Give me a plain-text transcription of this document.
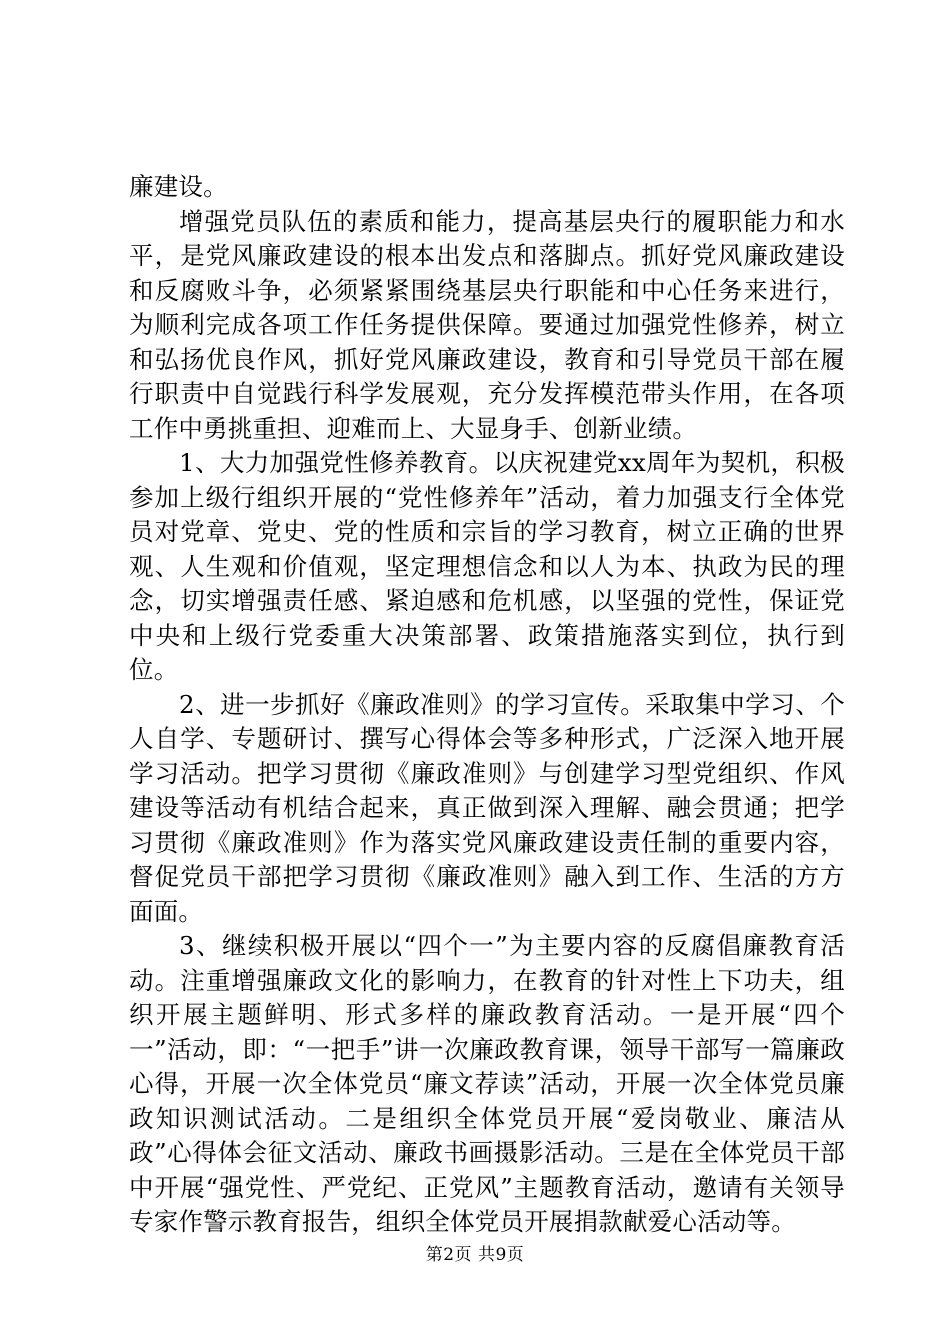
廉建设。

增强党员队伍的素质和能力，提高基层央行的履职能力和水平，是党风廉政建设的根本出发点和落脚点。抓好党风廉政建设和反腐败斗争，必须紧紧围绕基层央行职能和中心任务来进行，为顺利完成各项工作任务提供保障。要通过加强党性修养，树立和弘扬优良作风，抓好党风廉政建设，教育和引导党员干部在履行职责中自觉践行科学发展观，充分发挥模范带头作用，在各项工作中勇挑重担、迎难而上、大显身手、创新业绩。

1、大力加强党性修养教育。以庆祝建党xx周年为契机，积极参加上级行组织开展的“党性修养年”活动，着力加强支行全体党员对党章、党史、党的性质和宗旨的学习教育，树立正确的世界观、人生观和价值观，坚定理想信念和以人为本、执政为民的理念，切实增强责任感、紧迫感和危机感，以坚强的党性，保证党中央和上级行党委重大决策部署、政策措施落实到位，执行到位。

2、进一步抓好《廉政准则》的学习宣传。采取集中学习、个人自学、专题研讨、撰写心得体会等多种形式，广泛深入地开展学习活动。把学习贯彻《廉政准则》与创建学习型党组织、作风建设等活动有机结合起来，真正做到深入理解、融会贯通；把学习贯彻《廉政准则》作为落实党风廉政建设责任制的重要内容，督促党员干部把学习贯彻《廉政准则》融入到工作、生活的方方面面。

3、继续积极开展以“四个一”为主要内容的反腐倡廉教育活动。注重增强廉政文化的影响力，在教育的针对性上下功夫，组织开展主题鲜明、形式多样的廉政教育活动。一是开展“四个一”活动，即：“一把手”讲一次廉政教育课，领导干部写一篇廉政心得，开展一次全体党员“廉文荐读”活动，开展一次全体党员廉政知识测试活动。二是组织全体党员开展“爱岗敬业、廉洁从政”心得体会征文活动、廉政书画摄影活动。三是在全体党员干部中开展“强党性、严党纪、正党风”主题教育活动，邀请有关领导专家作警示教育报告，组织全体党员开展捐款献爱心活动等。

第2页 共9页
